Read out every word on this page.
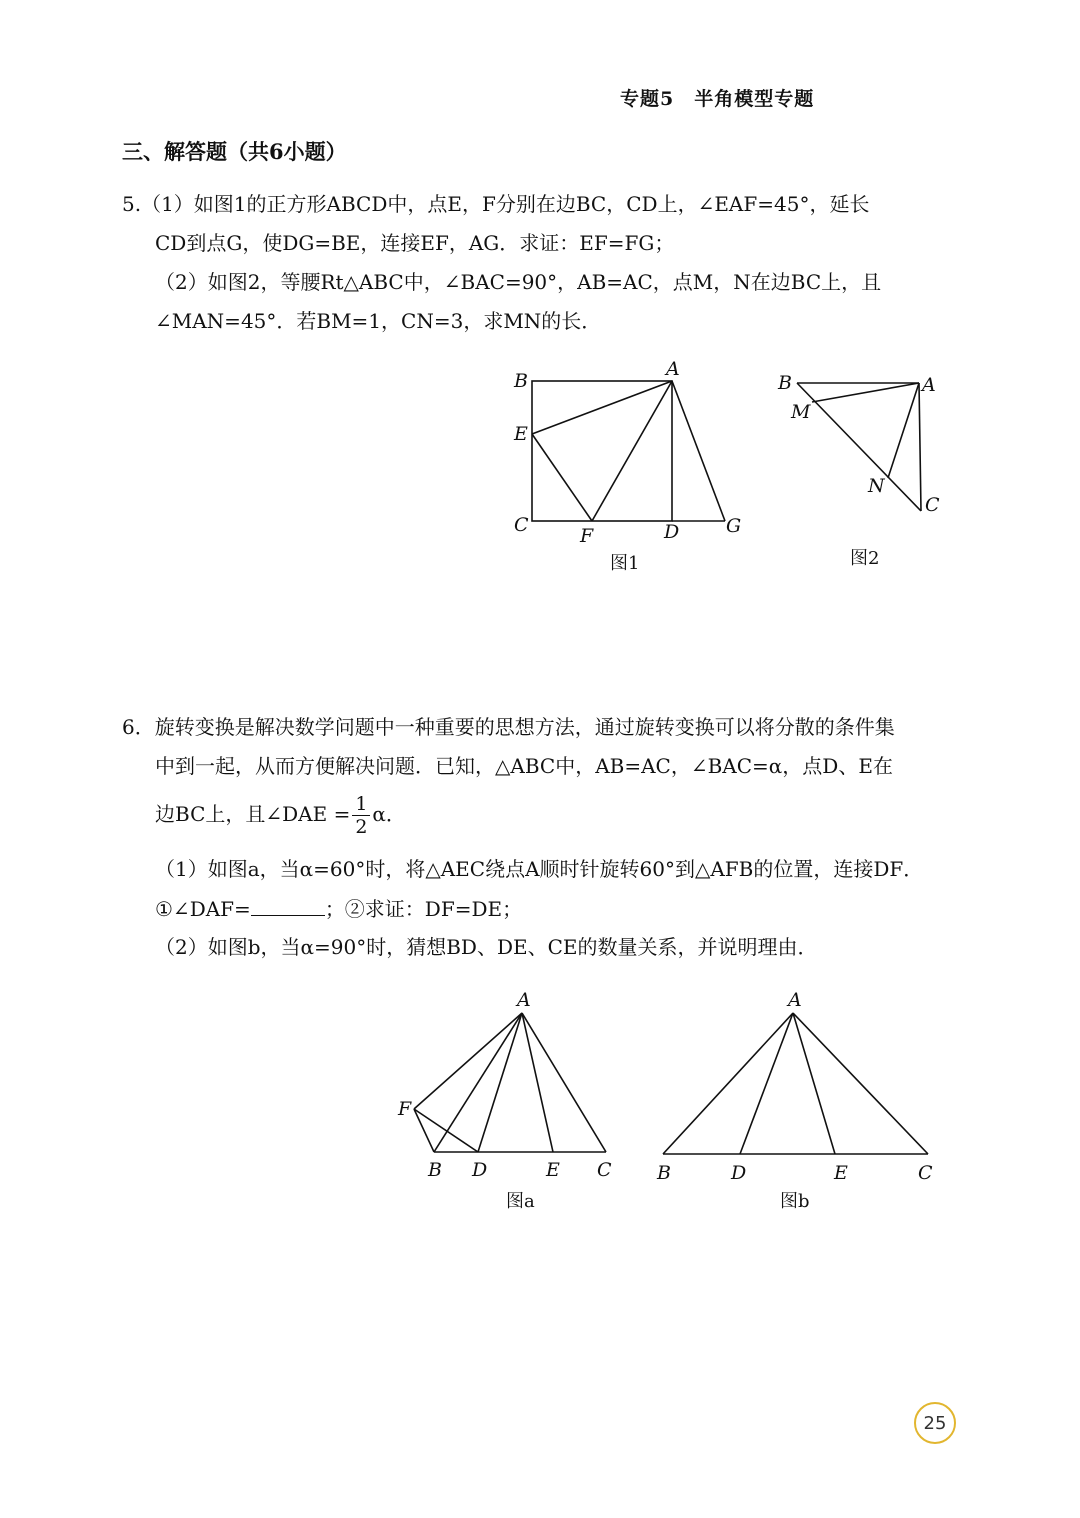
专题5　半角模型专题
三、解答题（共6小题）
5.（1）如图1的正方形ABCD中，点E，F分别在边BC，CD上，∠EAF=45°，延长
CD到点G，使DG=BE，连接EF，AG．求证：EF=FG；
（2）如图2，等腰Rt△ABC中，∠BAC=90°，AB=AC，点M，N在边BC上，且
∠MAN=45°．若BM=1，CN=3，求MN的长．
B
A
E
C	F	D G
图1
B	A
M
N
C
图2
6．旋转变换是解决数学问题中一种重要的思想方法，通过旋转变换可以将分散的条件集
中到一起，从而方便解决问题．已知，△ABC中，AB=AC，∠BAC=α，点D、E在
边BC上，且∠DAE = $\frac{1}{2}$ α．
（1）如图a，当α=60°时，将△AEC绕点A顺时针旋转60°到△AFB的位置，连接DF．
①∠DAF=	；②求证：DF=DE；
（2）如图b，当α=90°时，猜想BD、DE、CE的数量关系，并说明理由．
A
F
B D	E C
图a
A
B	D	E	C
图b
25
